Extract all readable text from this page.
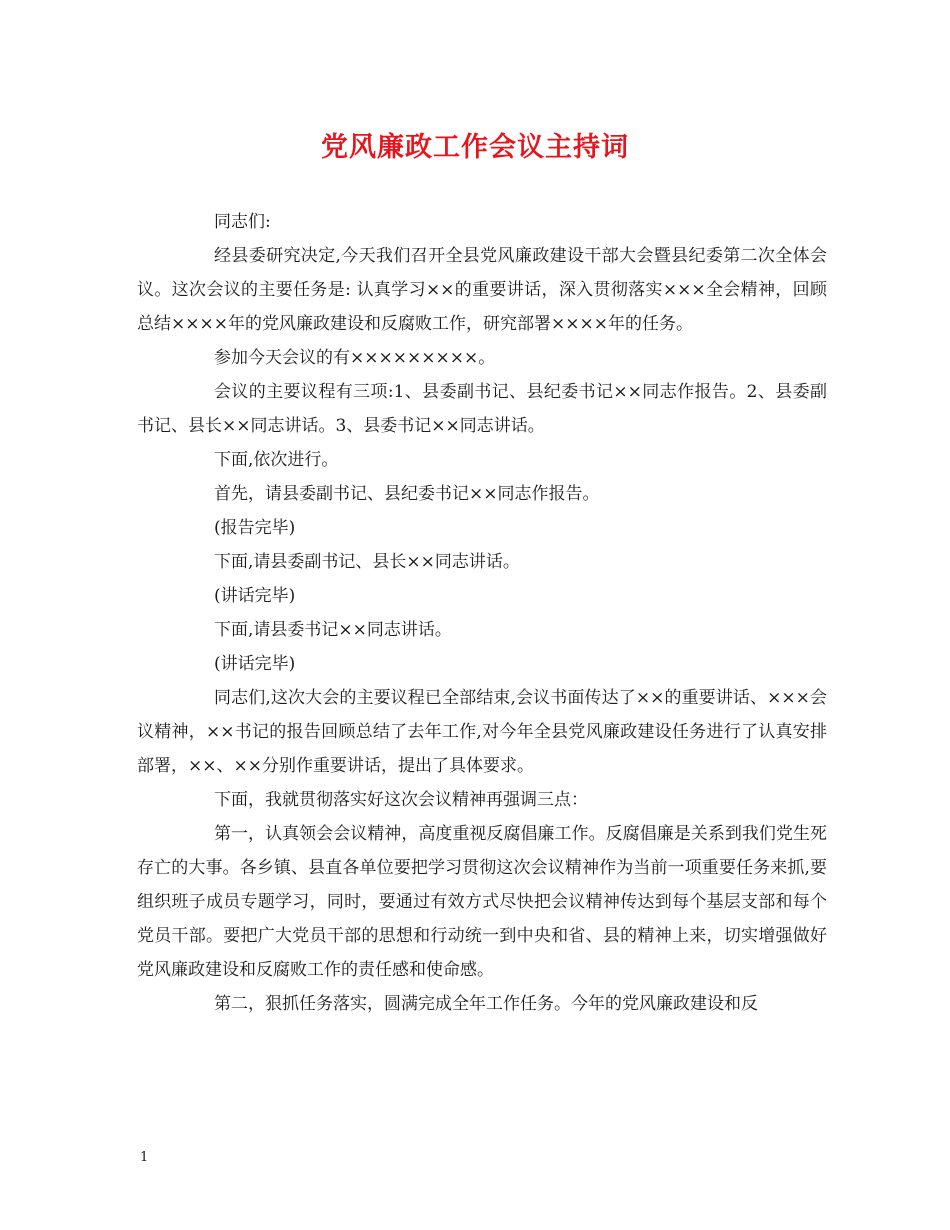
党风廉政工作会议主持词

同志们:

经县委研究决定,今天我们召开全县党风廉政建设干部大会暨县纪委第二次全体会议。这次会议的主要任务是: 认真学习××的重要讲话，深入贯彻落实×××全会精神，回顾总结××××年的党风廉政建设和反腐败工作，研究部署××××年的任务。

参加今天会议的有×××××××××。

会议的主要议程有三项:1、县委副书记、县纪委书记××同志作报告。2、县委副书记、县长××同志讲话。3、县委书记××同志讲话。

下面,依次进行。

首先，请县委副书记、县纪委书记××同志作报告。

(报告完毕)

下面,请县委副书记、县长××同志讲话。

(讲话完毕)

下面,请县委书记××同志讲话。

(讲话完毕)

同志们,这次大会的主要议程已全部结束,会议书面传达了××的重要讲话、×××会议精神，××书记的报告回顾总结了去年工作,对今年全县党风廉政建设任务进行了认真安排部署，××、××分别作重要讲话，提出了具体要求。

下面，我就贯彻落实好这次会议精神再强调三点：

第一，认真领会会议精神，高度重视反腐倡廉工作。反腐倡廉是关系到我们党生死存亡的大事。各乡镇、县直各单位要把学习贯彻这次会议精神作为当前一项重要任务来抓,要组织班子成员专题学习，同时，要通过有效方式尽快把会议精神传达到每个基层支部和每个党员干部。要把广大党员干部的思想和行动统一到中央和省、县的精神上来，切实增强做好党风廉政建设和反腐败工作的责任感和使命感。

第二，狠抓任务落实，圆满完成全年工作任务。今年的党风廉政建设和反

1
